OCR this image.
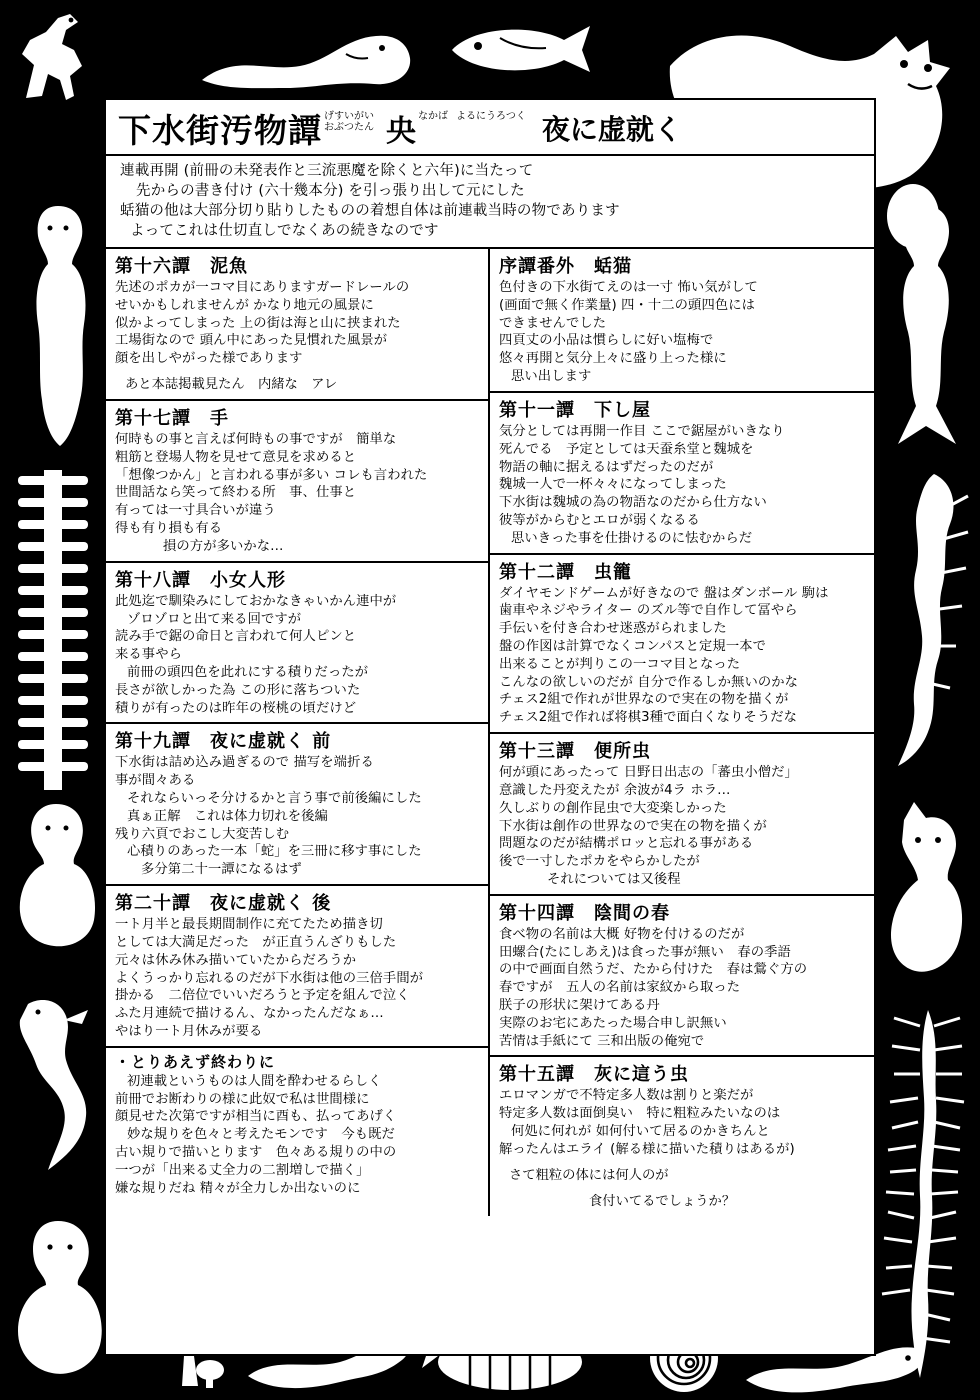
下水街汚物譚 げすいがい
おぶつたん 央 なかば よるにうろつく 夜に虚就く
連載再開 (前冊の未発表作と三流悪魔を除くと六年)に当たって
先からの書き付け (六十幾本分) を引っ張り出して元にした
蛞猫の他は大部分切り貼りしたものの着想自体は前連載当時の物であります
よってこれは仕切直しでなくあの続きなのです
第十六譚　泥魚
先述のポカが一コマ目にありますガードレールの
せいかもしれませんが かなり地元の風景に
似かよってしまった 上の街は海と山に挟まれた
工場街なので 頭ん中にあった見慣れた風景が
顔を出しやがった様であります
あと本誌掲載見たん　内緒な　アレ
第十七譚　手
何時もの事と言えば何時もの事ですが　簡単な
粗筋と登場人物を見せて意見を求めると
「想像つかん」と言われる事が多い コレも言われた
世間話なら笑って終わる所　事、仕事と
有っては一寸具合いが違う
得も有り損も有る
損の方が多いかな…
第十八譚　小女人形
此処迄で馴染みにしておかなきゃいかん連中が
ゾロゾロと出て来る回ですが
読み手で鋸の命日と言われて何人ピンと
来る事やら
前冊の頭四色を此れにする積りだったが
長さが欲しかった為 この形に落ちついた
積りが有ったのは昨年の桜桃の頃だけど
第十九譚　夜に虚就く 前
下水街は詰め込み過ぎるので 描写を端折る
事が間々ある
それならいっそ分けるかと言う事で前後編にした
真ぁ正解　これは体力切れを後編
残り六頁でおこし大変苦しむ
心積りのあった一本「蛇」を三冊に移す事にした
多分第二十一譚になるはず
第二十譚　夜に虚就く 後
一ト月半と最長期間制作に充てたため描き切
としては大満足だった　が正直うんざりもした
元々は休み休み描いていたからだろうか
よくうっかり忘れるのだが下水街は他の三倍手間が
掛かる　二倍位でいいだろうと予定を組んで泣く
ふた月連続で描けるん、なかったんだなぁ…
やはり一ト月休みが要る
・とりあえず終わりに
初連載というものは人間を酔わせるらしく
前冊でお断わりの様に此奴で私は世間様に
顔見せた次第ですが相当に酉も、払ってあげく
妙な規りを色々と考えたモンです　今も既だ
古い規りで描いとります　色々ある規りの中の
一つが「出来る丈全力の二割増しで描く」
嫌な規りだね 精々が全力しか出ないのに
序譚番外　蛞猫
色付きの下水街てえのは一寸 怖い気がして
(画面で無く作業量) 四・十二の頭四色には
できませんでした
四頁丈の小品は慣らしに好い塩梅で
悠々再開と気分上々に盛り上った様に
思い出します
第十一譚　下し屋
気分としては再開一作目 ここで鋸屋がいきなり
死んでる　予定としては天蚕糸堂と魏城を
物語の軸に据えるはずだったのだが
魏城一人で一杯々々になってしまった
下水街は魏城の為の物語なのだから仕方ない
彼等がからむとエロが弱くなるる
思いきった事を仕掛けるのに怯むからだ
第十二譚　虫籠
ダイヤモンドゲームが好きなので 盤はダンボール 駒は
歯車やネジやライター のズル等で自作して冨やら
手伝いを付き合わせ迷惑がられました
盤の作図は計算でなくコンパスと定規一本で
出来ることが判りこの一コマ目となった
こんなの欲しいのだが 自分で作るしか無いのかな
チェス2組で作れが世界なので実在の物を描くが
チェス2組で作れば将棋3種で面白くなりそうだな
第十三譚　便所虫
何が頭にあったって 日野日出志の「蕃虫小僧だ」
意識した丹変えたが 余波が4ラ ホラ…
久しぶりの創作昆虫で大変楽しかった
下水街は創作の世界なので実在の物を描くが
問題なのだが結構ポロッと忘れる事がある
後で一寸したポカをやらかしたが
それについては又後程
第十四譚　陰間の春
食べ物の名前は大概 好物を付けるのだが
田螺合(たにしあえ)は食った事が無い　春の季語
の中で画面自然うだ、たから付けた　春は鶯ぐ方の
春ですが　五人の名前は家紋から取った
朕子の形状に架けてある丹
実際のお宅にあたった場合申し訳無い
苦情は手紙にて 三和出版の俺宛で
第十五譚　灰に這う虫
エロマンガで不特定多人数は割りと楽だが
特定多人数は面倒臭い　特に粗粒みたいなのは
何処に何れが 如何付いて居るのかきちんと
解ったんはエライ (解る様に描いた積りはあるが)
さて粗粒の体には何人のが
食付いてるでしょうか？
